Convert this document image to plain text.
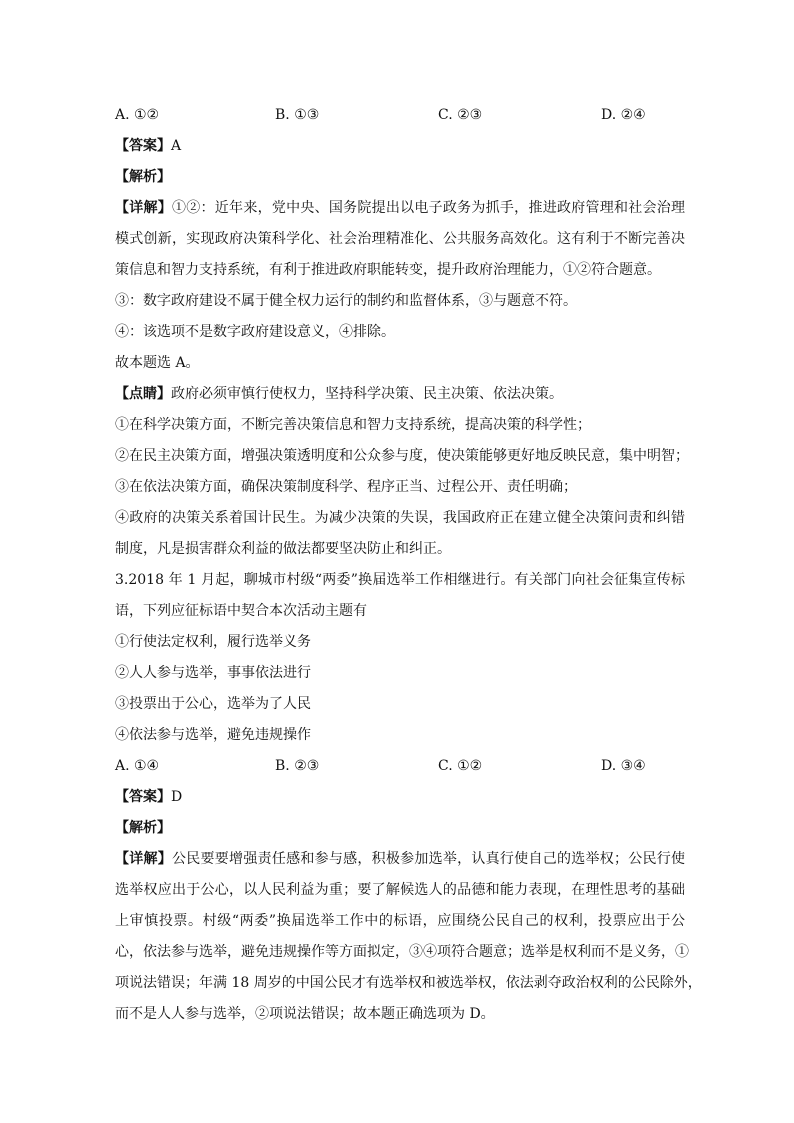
A. ①②	B. ①③	C. ②③	D. ②④
【答案】A
【解析】
【详解】①②：近年来，党中央、国务院提出以电子政务为抓手，推进政府管理和社会治理
模式创新，实现政府决策科学化、社会治理精准化、公共服务高效化。这有利于不断完善决
策信息和智力支持系统，有利于推进政府职能转变，提升政府治理能力，①②符合题意。
③：数字政府建设不属于健全权力运行的制约和监督体系，③与题意不符。
④：该选项不是数字政府建设意义，④排除。
故本题选 A。
【点睛】政府必须审慎行使权力，坚持科学决策、民主决策、依法决策。
①在科学决策方面，不断完善决策信息和智力支持系统，提高决策的科学性；
②在民主决策方面，增强决策透明度和公众参与度，使决策能够更好地反映民意，集中明智；
③在依法决策方面，确保决策制度科学、程序正当、过程公开、责任明确；
④政府的决策关系着国计民生。为减少决策的失误，我国政府正在建立健全决策问责和纠错
制度，凡是损害群众利益的做法都要坚决防止和纠正。
3.2018 年 1 月起，聊城市村级“两委”换届选举工作相继进行。有关部门向社会征集宣传标
语，下列应征标语中契合本次活动主题有
①行使法定权利，履行选举义务
②人人参与选举，事事依法进行
③投票出于公心，选举为了人民
④依法参与选举，避免违规操作
A. ①④	B. ②③	C. ①②	D. ③④
【答案】D
【解析】
【详解】公民要要增强责任感和参与感，积极参加选举，认真行使自己的选举权；公民行使
选举权应出于公心，以人民利益为重；要了解候选人的品德和能力表现，在理性思考的基础
上审慎投票。村级“两委”换届选举工作中的标语，应围绕公民自己的权利，投票应出于公
心，依法参与选举，避免违规操作等方面拟定，③④项符合题意；选举是权利而不是义务，①
项说法错误；年满 18 周岁的中国公民才有选举权和被选举权，依法剥夺政治权利的公民除外，
而不是人人参与选举，②项说法错误；故本题正确选项为 D。
